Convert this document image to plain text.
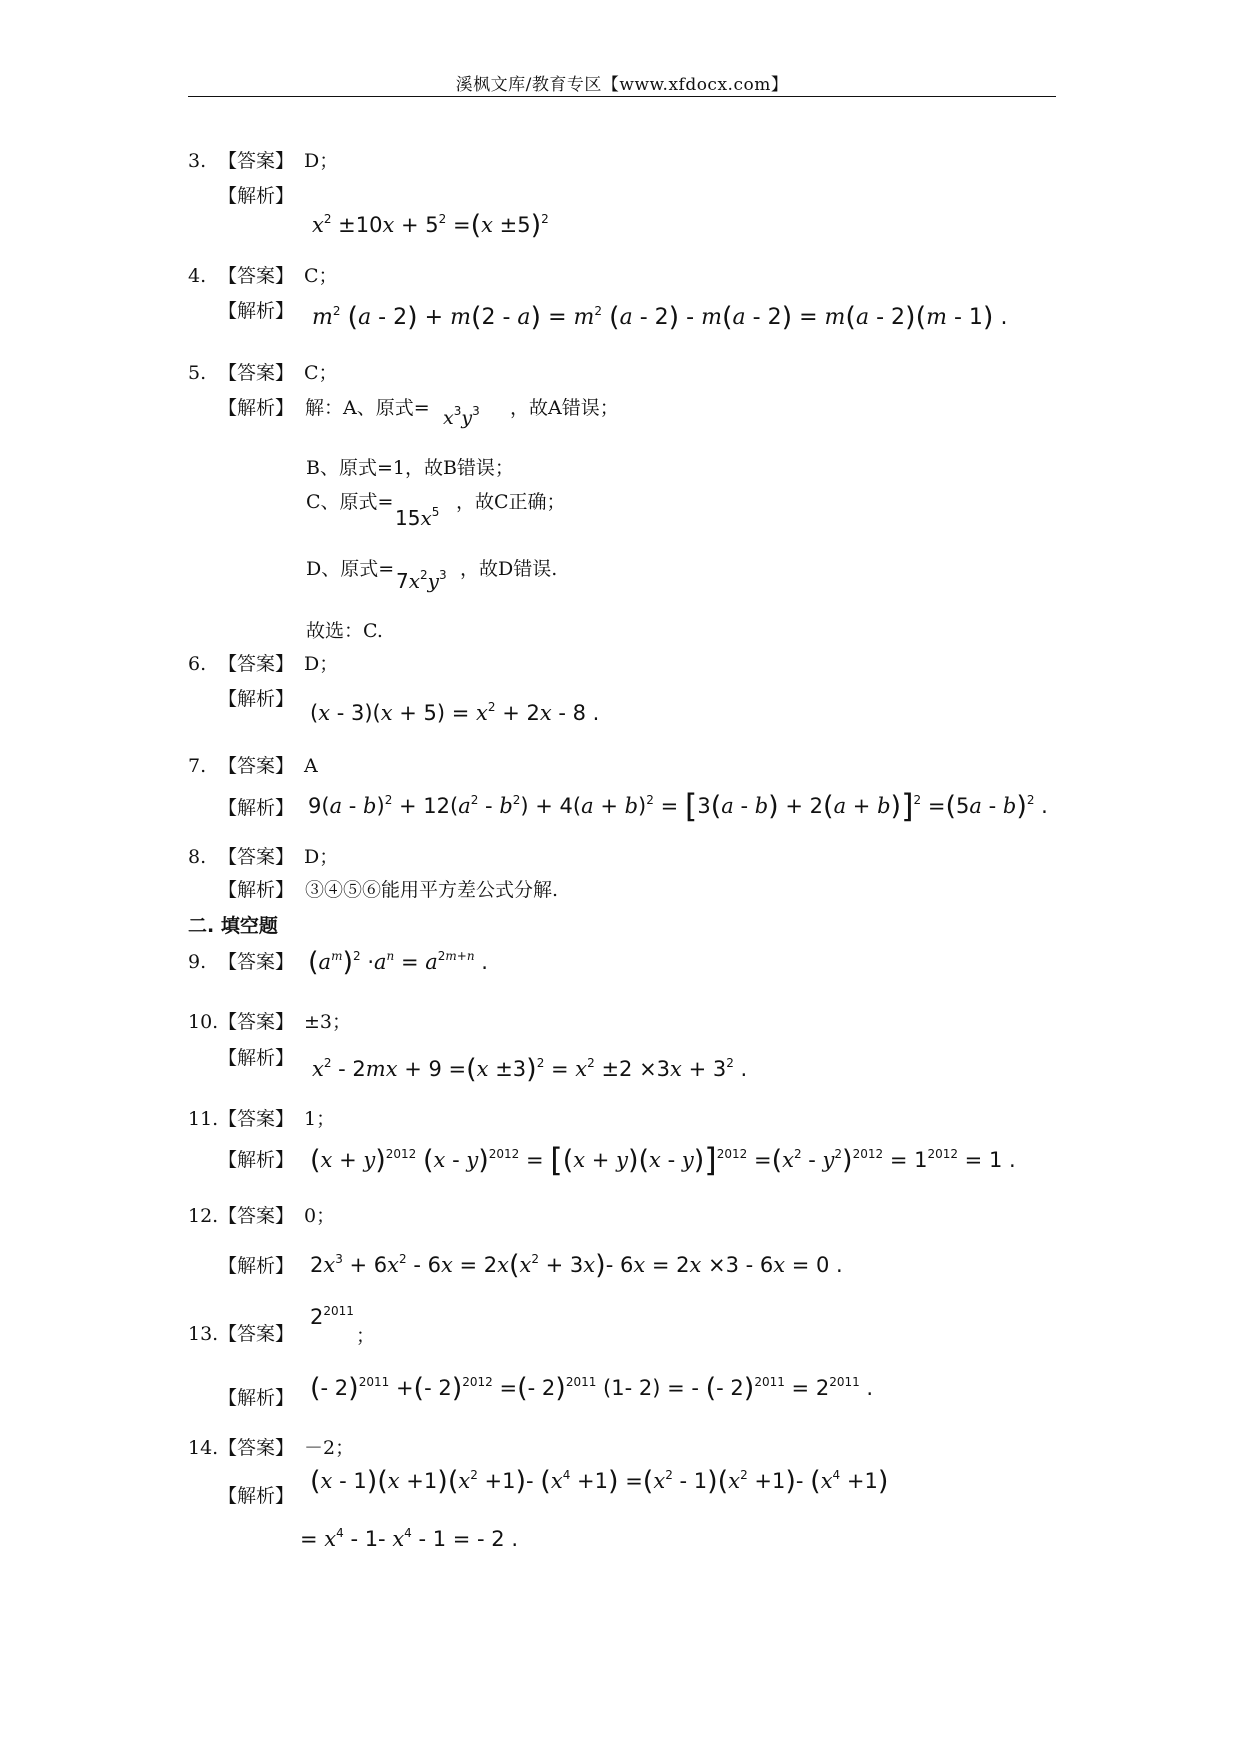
溪枫文库/教育专区【www.xfdocx.com】
3. 【答案】 D；
【解析】
$x^2 \pm 10x + 5^2 =(x \pm 5)^2$
4. 【答案】 C；
【解析】 $m^2$ $(a - 2) + m(2 - a) = m^2$ (a - 2) - m(a - 2) = m(a - 2)(m - 1) .
5. 【答案】 C；
【解析】 解：A、原式=	，故A错误；
$x^3y^3$
B、原式=1，故B错误；
C、原式=	，故C正确；
$15x^5$
D、原式=	，故D错误.
$7x^2y^3$
故选：C.
6. 【答案】 D；
【解析】
$(x - 3)(x + 5) = x^2 + 2x - 8$ .
7. 【答案】 A
【解析】 $9(a - b)^2 + 12(a^2 - b^2) + 4(a + b)^2 = [3(a - b) + 2(a + b)]^2 =(5a - b)^2$ .
8. 【答案】 D；
【解析】 ③④⑤⑥能用平方差公式分解.
二. 填空题
9. 【答案】 $(a^m)^2 \cdot a^n = a^{2m+n}$ .
10. 【答案】 ±3；
【解析】 $x^2 - 2mx + 9 =(x \pm 3)^2 = x^2 \pm 2 \times 3x + 3^2$ .
11. 【答案】 1；
【解析】 $(x + y)^{2012}$ $(x - y)^{2012} = [(x + y)(x - y)]^{2012} =(x^2 - y^2)^{2012} = 1^{2012} = 1$ .
12. 【答案】 0；
【解析】 $2x^3 + 6x^2 - 6x = 2x(x^2 + 3x)-$ 6x = 2x ×3 - 6x = 0 .
13. 【答案】	；
$2^{2011}$
【解析】 (- 2)$^{2011}$ +(- 2)$^{2012}$ =(- 2)$^{2011}$ (1- 2) = - (- $2)^{2011} = 2^{2011}$ .
14. 【答案】 －2；
【解析】 $(x - 1)(x +1)(x^2 +1)-$ $(x^4 +1) =(x^2 - 1)(x^2 +1)-$ $(x^4 +1)$
= $x^4 - 1-$ $x^4 - 1$ = - 2 .
